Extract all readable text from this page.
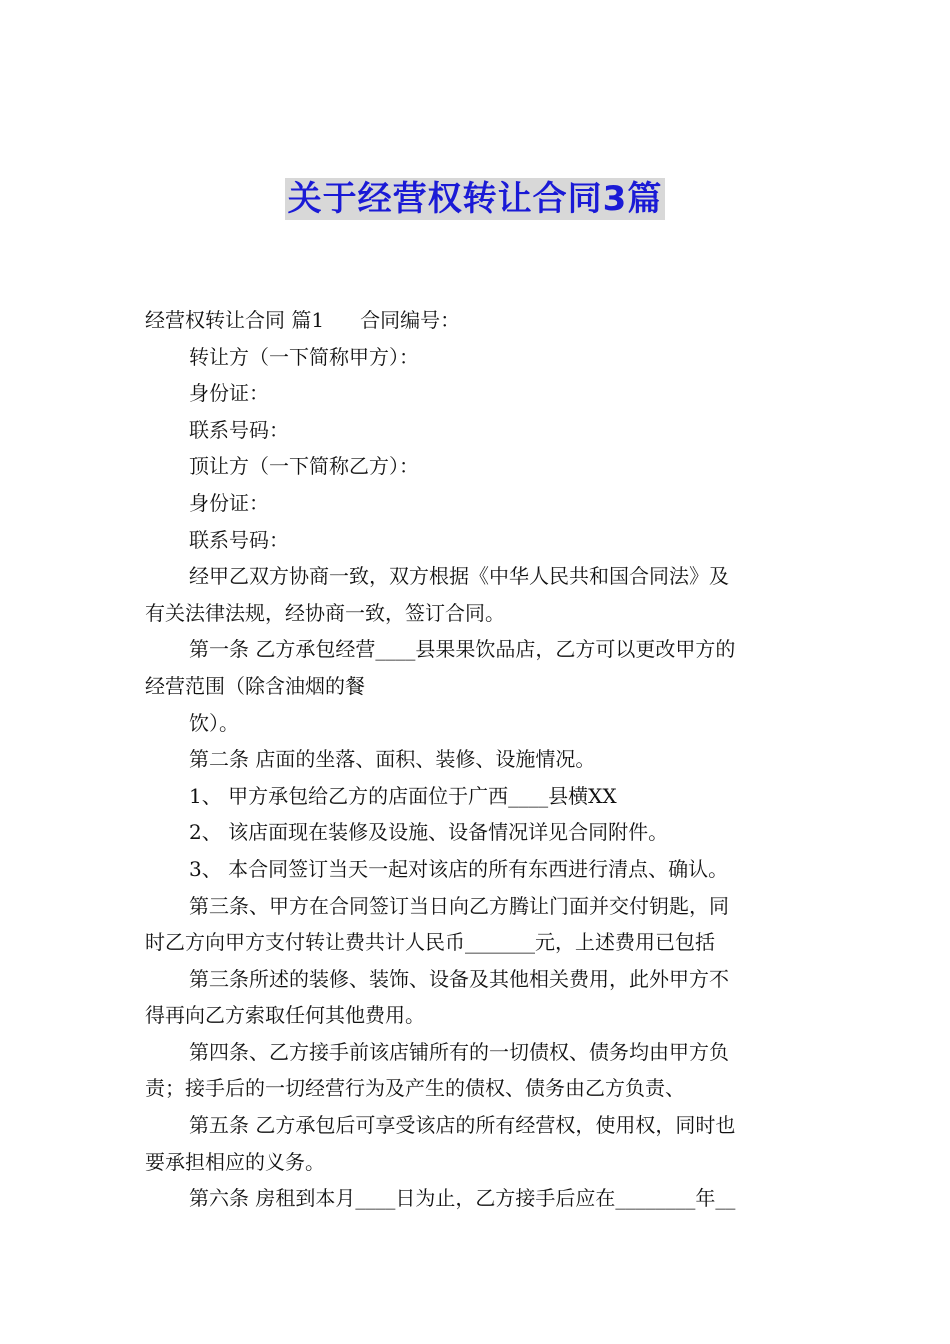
关于经营权转让合同3篇
经营权转让合同 篇1 合同编号：
转让方（一下简称甲方）：
身份证：
联系号码：
顶让方（一下简称乙方）：
身份证：
联系号码：
经甲乙双方协商一致，双方根据《中华人民共和国合同法》及
有关法律法规，经协商一致，签订合同。
第一条 乙方承包经营____县果果饮品店，乙方可以更改甲方的
经营范围（除含油烟的餐
饮）。
第二条 店面的坐落、面积、装修、设施情况。
1、 甲方承包给乙方的店面位于广西____县横XX
2、 该店面现在装修及设施、设备情况详见合同附件。
3、 本合同签订当天一起对该店的所有东西进行清点、确认。
第三条、甲方在合同签订当日向乙方腾让门面并交付钥匙，同
时乙方向甲方支付转让费共计人民币_______元，上述费用已包括
第三条所述的装修、装饰、设备及其他相关费用，此外甲方不
得再向乙方索取任何其他费用。
第四条、乙方接手前该店铺所有的一切债权、债务均由甲方负
责；接手后的一切经营行为及产生的债权、债务由乙方负责、
第五条 乙方承包后可享受该店的所有经营权，使用权，同时也
要承担相应的义务。
第六条 房租到本月____日为止，乙方接手后应在________年__
